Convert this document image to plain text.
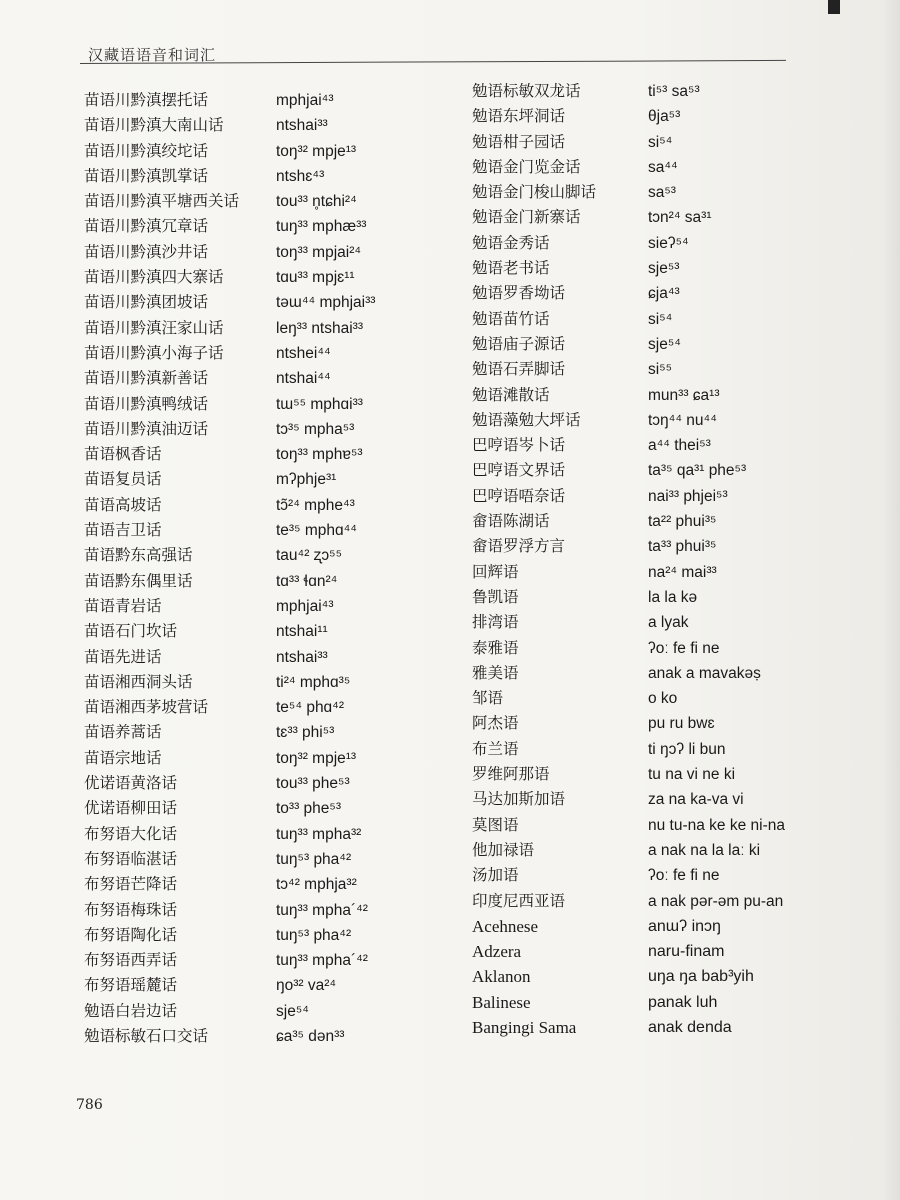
汉藏语语音和词汇
苗语川黔滇摆托话	mphjai⁴³
苗语川黔滇大南山话	ntshai³³
苗语川黔滇绞坨话	toŋ³² mpje¹³
苗语川黔滇凯掌话	ntshɛ⁴³
苗语川黔滇平塘西关话	tou³³ n̥tɕhi²⁴
苗语川黔滇冗章话	tuŋ³³ mphæ³³
苗语川黔滇沙井话	toŋ³³ mpjai²⁴
苗语川黔滇四大寨话	tɑu³³ mpjɛ¹¹
苗语川黔滇团坡话	təɯ⁴⁴ mphjai³³
苗语川黔滇汪家山话	leŋ³³ ntshai³³
苗语川黔滇小海子话	ntshei⁴⁴
苗语川黔滇新善话	ntshai⁴⁴
苗语川黔滇鸭绒话	tɯ⁵⁵ mphɑi³³
苗语川黔滇油迈话	tɔ³⁵ mpha⁵³
苗语枫香话	toŋ³³ mphɐ⁵³
苗语复员话	mʔphje³¹
苗语高坡话	tɔ̃²⁴ mphe⁴³
苗语吉卫话	te³⁵ mphɑ⁴⁴
苗语黔东高强话	tau⁴² ʐɔ⁵⁵
苗语黔东偶里话	tɑ³³ ɬɑn²⁴
苗语青岩话	mphjai⁴³
苗语石门坎话	ntshai¹¹
苗语先进话	ntshai³³
苗语湘西洞头话	ti²⁴ mphɑ³⁵
苗语湘西茅坡营话	te⁵⁴ phɑ⁴²
苗语养蒿话	tɛ³³ phi⁵³
苗语宗地话	toŋ³² mpje¹³
优诺语黄洛话	tou³³ phe⁵³
优诺语柳田话	to³³ phe⁵³
布努语大化话	tuŋ³³ mpha³²
布努语临湛话	tuŋ⁵³ pha⁴²
布努语芒降话	tɔ⁴² mphja³²
布努语梅珠话	tuŋ³³ mpha´⁴²
布努语陶化话	tuŋ⁵³ pha⁴²
布努语西弄话	tuŋ³³ mpha´⁴²
布努语瑶麓话	ŋo³² va²⁴
勉语白岩边话	sje⁵⁴
勉语标敏石口交话	ɕa³⁵ dən³³
勉语标敏双龙话	ti⁵³ sa⁵³
勉语东坪洞话	θja⁵³
勉语柑子园话	si⁵⁴
勉语金门览金话	sa⁴⁴
勉语金门梭山脚话	sa⁵³
勉语金门新寨话	tɔn²⁴ sa³¹
勉语金秀话	sieʔ⁵⁴
勉语老书话	sje⁵³
勉语罗香坳话	ɕja⁴³
勉语苗竹话	si⁵⁴
勉语庙子源话	sje⁵⁴
勉语石弄脚话	si⁵⁵
勉语滩散话	mun³³ ɕa¹³
勉语藻勉大坪话	tɔŋ⁴⁴ nu⁴⁴
巴哼语岑卜话	a⁴⁴ thei⁵³
巴哼语文界话	ta³⁵ qa³¹ phe⁵³
巴哼语唔奈话	nai³³ phjei⁵³
畲语陈湖话	ta²² phui³⁵
畲语罗浮方言	ta³³ phui³⁵
回辉语	na²⁴ mai³³
鲁凯语	la la kə
排湾语	a lyak
泰雅语	ʔoː fe fi ne
雅美语	anak a mavakəṣ
邹语	o ko
阿杰语	pu ru bwɛ
布兰语	ti ŋɔʔ li bun
罗维阿那语	tu na vi ne ki
马达加斯加语	za na ka-va vi
莫图语	nu tu-na ke ke ni-na
他加禄语	a nak na la laː ki
汤加语	ʔoː fe fi ne
印度尼西亚语	a nak pər-əm pu-an
Acehnese	anɯʔ inɔŋ
Adzera	naru-finam
Aklanon	uŋa ŋa bab³yih
Balinese	panak luh
Bangingi Sama	anak denda
786
